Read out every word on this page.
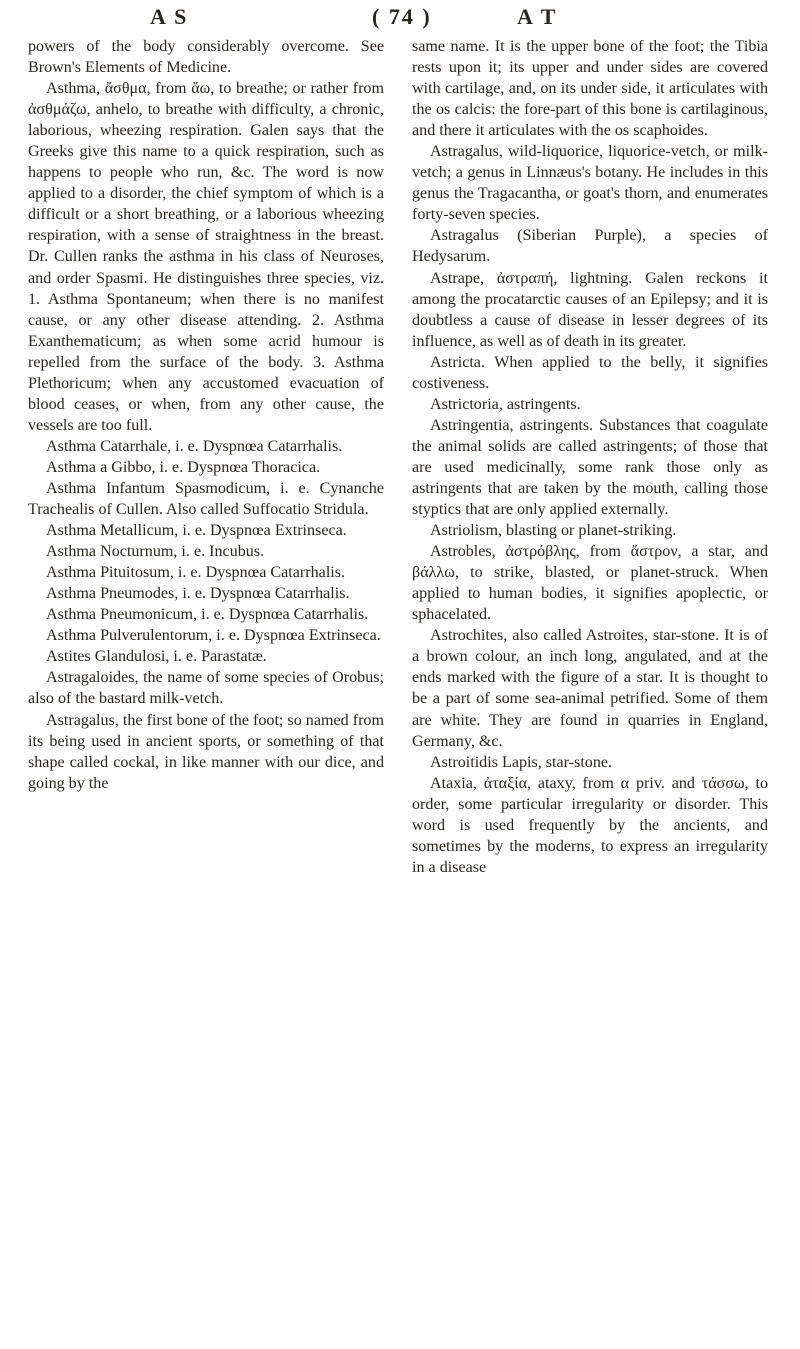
A S	( 74 )	A T

powers of the body considerably overcome. See Brown's Elements of Medicine.

Asthma, ἄσθμα, from ἄω, to breathe; or rather from ἀσθμάζω, anhelo, to breathe with difficulty, a chronic, laborious, wheezing respiration. Galen says that the Greeks give this name to a quick respiration, such as happens to people who run, &c. The word is now applied to a disorder, the chief symptom of which is a difficult or a short breathing, or a laborious wheezing respiration, with a sense of straightness in the breast. Dr. Cullen ranks the asthma in his class of Neuroses, and order Spasmi. He distinguishes three species, viz. 1. Asthma Spontaneum; when there is no manifest cause, or any other disease attending. 2. Asthma Exanthematicum; as when some acrid humour is repelled from the surface of the body. 3. Asthma Plethoricum; when any accustomed evacuation of blood ceases, or when, from any other cause, the vessels are too full.

Asthma Catarrhale, i. e. Dyspnœa Catarrhalis.

Asthma a Gibbo, i. e. Dyspnœa Thoracica.

Asthma Infantum Spasmodicum, i. e. Cynanche Trachealis of Cullen. Also called Suffocatio Stridula.

Asthma Metallicum, i. e. Dyspnœa Extrinseca.

Asthma Nocturnum, i. e. Incubus.

Asthma Pituitosum, i. e. Dyspnœa Catarrhalis.

Asthma Pneumodes, i. e. Dyspnœa Catarrhalis.

Asthma Pneumonicum, i. e. Dyspnœa Catarrhalis.

Asthma Pulverulentorum, i. e. Dyspnœa Extrinseca.

Astites Glandulosi, i. e. Parastatæ.

Astragaloides, the name of some species of Orobus; also of the bastard milk-vetch.

Astragalus, the first bone of the foot; so named from its being used in ancient sports, or something of that shape called cockal, in like manner with our dice, and going by the

same name. It is the upper bone of the foot; the Tibia rests upon it; its upper and under sides are covered with cartilage, and, on its under side, it articulates with the os calcis: the fore-part of this bone is cartilaginous, and there it articulates with the os scaphoides.

Astragalus, wild-liquorice, liquorice-vetch, or milk-vetch; a genus in Linnæus's botany. He includes in this genus the Tragacantha, or goat's thorn, and enumerates forty-seven species.

Astragalus (Siberian Purple), a species of Hedysarum.

Astrape, ἀστραπή, lightning. Galen reckons it among the procatarctic causes of an Epilepsy; and it is doubtless a cause of disease in lesser degrees of its influence, as well as of death in its greater.

Astricta. When applied to the belly, it signifies costiveness.

Astrictoria, astringents.

Astringentia, astringents. Substances that coagulate the animal solids are called astringents; of those that are used medicinally, some rank those only as astringents that are taken by the mouth, calling those styptics that are only applied externally.

Astriolism, blasting or planet-striking.

Astrobles, ἀστρόβλης, from ἄστρον, a star, and βάλλω, to strike, blasted, or planet-struck. When applied to human bodies, it signifies apoplectic, or sphacelated.

Astrochites, also called Astroites, star-stone. It is of a brown colour, an inch long, angulated, and at the ends marked with the figure of a star. It is thought to be a part of some sea-animal petrified. Some of them are white. They are found in quarries in England, Germany, &c.

Astroitidis Lapis, star-stone.

Ataxia, ἀταξία, ataxy, from α priv. and τάσσω, to order, some particular irregularity or disorder. This word is used frequently by the ancients, and sometimes by the moderns, to express an irregularity in a disease
